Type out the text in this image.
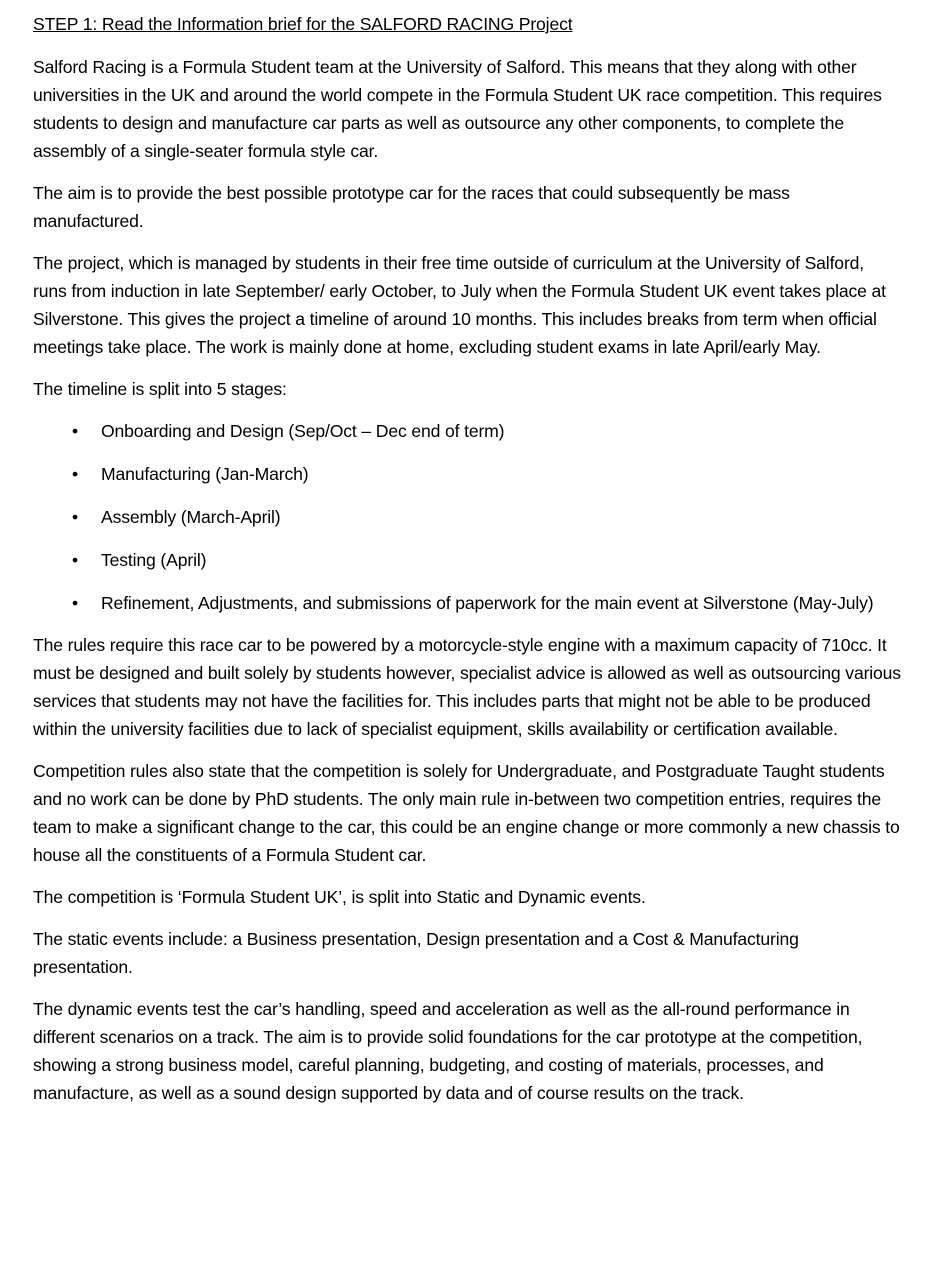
STEP 1: Read the Information brief for the SALFORD RACING Project

Salford Racing is a Formula Student team at the University of Salford. This means that they along with other universities in the UK and around the world compete in the Formula Student UK race competition. This requires students to design and manufacture car parts as well as outsource any other components, to complete the assembly of a single-seater formula style car.

The aim is to provide the best possible prototype car for the races that could subsequently be mass manufactured.

The project, which is managed by students in their free time outside of curriculum at the University of Salford, runs from induction in late September/ early October, to July when the Formula Student UK event takes place at Silverstone. This gives the project a timeline of around 10 months. This includes breaks from term when official meetings take place. The work is mainly done at home, excluding student exams in late April/early May.

The timeline is split into 5 stages:

• Onboarding and Design (Sep/Oct – Dec end of term)
• Manufacturing (Jan-March)
• Assembly (March-April)
• Testing (April)
• Refinement, Adjustments, and submissions of paperwork for the main event at Silverstone (May-July)

The rules require this race car to be powered by a motorcycle-style engine with a maximum capacity of 710cc. It must be designed and built solely by students however, specialist advice is allowed as well as outsourcing various services that students may not have the facilities for. This includes parts that might not be able to be produced within the university facilities due to lack of specialist equipment, skills availability or certification available.

Competition rules also state that the competition is solely for Undergraduate, and Postgraduate Taught students and no work can be done by PhD students. The only main rule in-between two competition entries, requires the team to make a significant change to the car, this could be an engine change or more commonly a new chassis to house all the constituents of a Formula Student car.

The competition is ‘Formula Student UK’, is split into Static and Dynamic events.

The static events include: a Business presentation, Design presentation and a Cost & Manufacturing presentation.

The dynamic events test the car’s handling, speed and acceleration as well as the all-round performance in different scenarios on a track. The aim is to provide solid foundations for the car prototype at the competition, showing a strong business model, careful planning, budgeting, and costing of materials, processes, and manufacture, as well as a sound design supported by data and of course results on the track.
